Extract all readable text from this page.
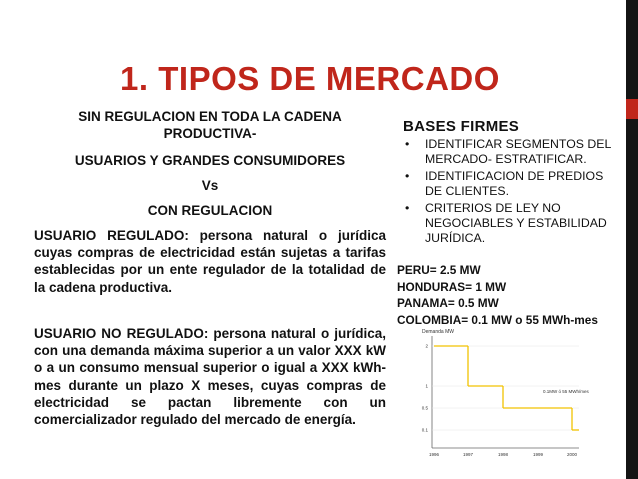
1. TIPOS DE MERCADO
SIN REGULACION EN TODA LA CADENA
PRODUCTIVA-
USUARIOS Y GRANDES CONSUMIDORES
Vs
CON REGULACION
USUARIO REGULADO: persona natural o jurídica cuyas compras de electricidad están sujetas a tarifas establecidas por un ente regulador de la totalidad de la cadena productiva.
USUARIO NO REGULADO: persona natural o jurídica, con una demanda máxima superior a un valor XXX kW o a un consumo mensual superior o igual a XXX kWh-mes durante un plazo X meses, cuyas compras de electricidad se pactan libremente con un comercializador regulado del mercado de energía.
BASES FIRMES
• IDENTIFICAR SEGMENTOS DEL MERCADO- ESTRATIFICAR.
• IDENTIFICACION DE PREDIOS DE CLIENTES.
• CRITERIOS DE LEY NO NEGOCIABLES Y ESTABILIDAD JURÍDICA.
PERU= 2.5 MW
HONDURAS= 1 MW
PANAMA= 0.5 MW
COLOMBIA= 0.1 MW o 55 MWh-mes
Demanda MW
2
1
0.5
0.1
1996	1997	1998	1999	2000
0.1MW ó 55 MWh/mes
